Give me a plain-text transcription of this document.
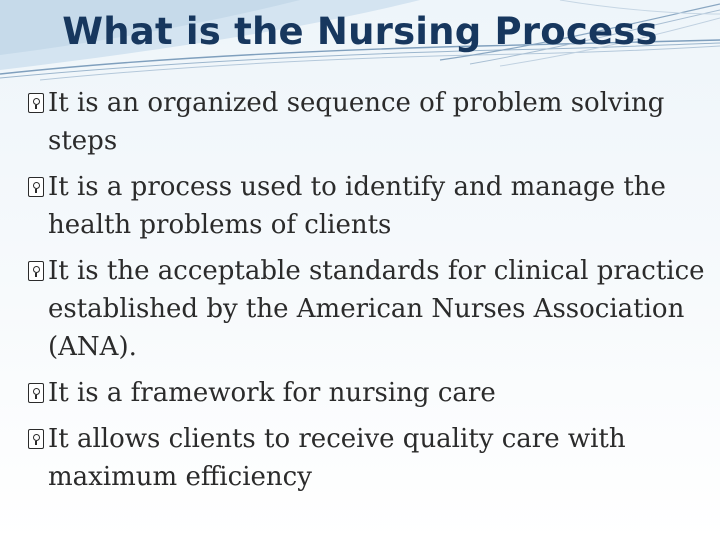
What is the Nursing Process
It is an organized sequence of problem solving steps
It is a process used to identify and manage the health problems of clients
It is the acceptable standards for clinical practice established by the American Nurses Association (ANA).
It is a framework for nursing care
It allows clients to receive quality care with maximum efficiency
